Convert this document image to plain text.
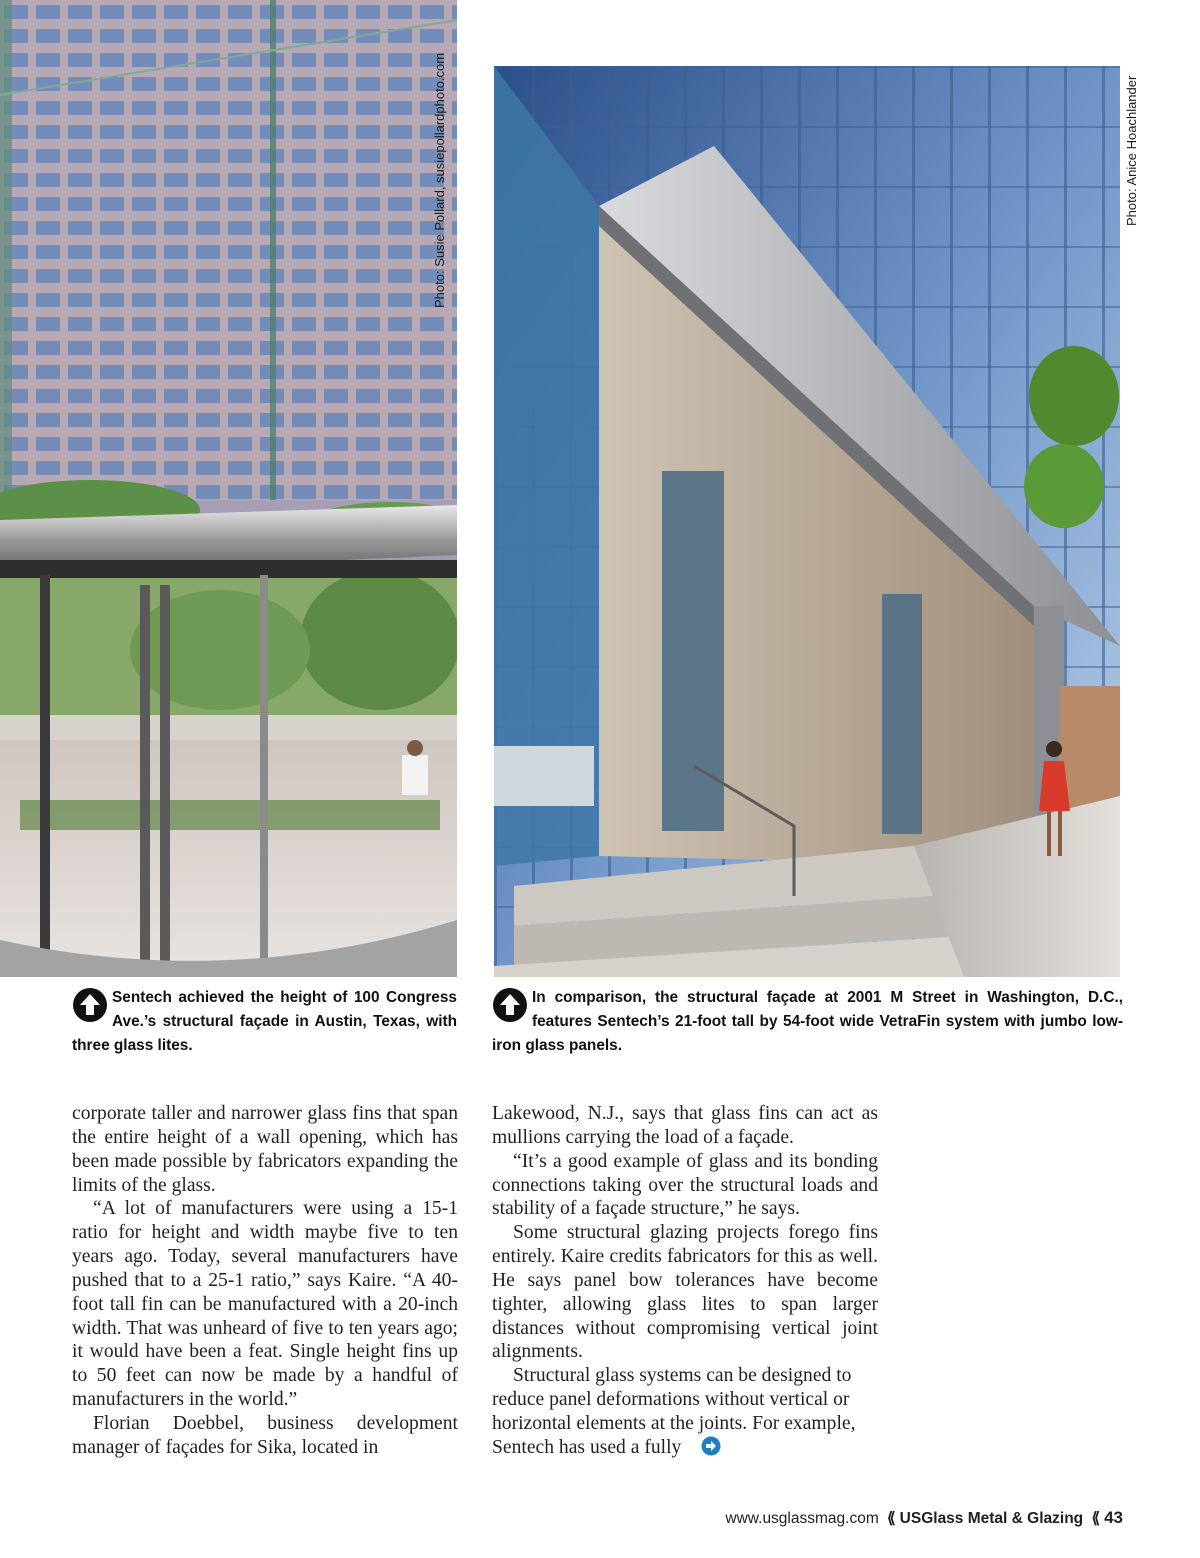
Photo: Susie Pollard, susiepollardphoto.com	Photo: Anice Hoachlander
Sentech achieved the height of 100 Congress Ave.’s structural façade in Austin, Texas, with three glass lites.
In comparison, the structural façade at 2001 M Street in Washington, D.C., features Sentech’s 21-foot tall by 54-foot wide VetraFin system with jumbo low-iron glass panels.

corporate taller and narrower glass fins that span the entire height of a wall opening, which has been made possible by fabricators expanding the limits of the glass.

“A lot of manufacturers were using a 15-1 ratio for height and width maybe five to ten years ago. Today, several manufacturers have pushed that to a 25-1 ratio,” says Kaire. “A 40-foot tall fin can be manufactured with a 20-inch width. That was unheard of five to ten years ago; it would have been a feat. Single height fins up to 50 feet can now be made by a handful of manufacturers in the world.”

Florian Doebbel, business development manager of façades for Sika, located in

Lakewood, N.J., says that glass fins can act as mullions carrying the load of a façade.

“It’s a good example of glass and its bonding connections taking over the structural loads and stability of a façade structure,” he says.

Some structural glazing projects forego fins entirely. Kaire credits fabricators for this as well. He says panel bow tolerances have become tighter, allowing glass lites to span larger distances without compromising vertical joint alignments.

Structural glass systems can be designed to reduce panel deformations without vertical or horizontal elements at the joints. For example, Sentech has used a fully

www.usglassmag.com ⟪ USGlass Metal & Glazing ⟪ 43
